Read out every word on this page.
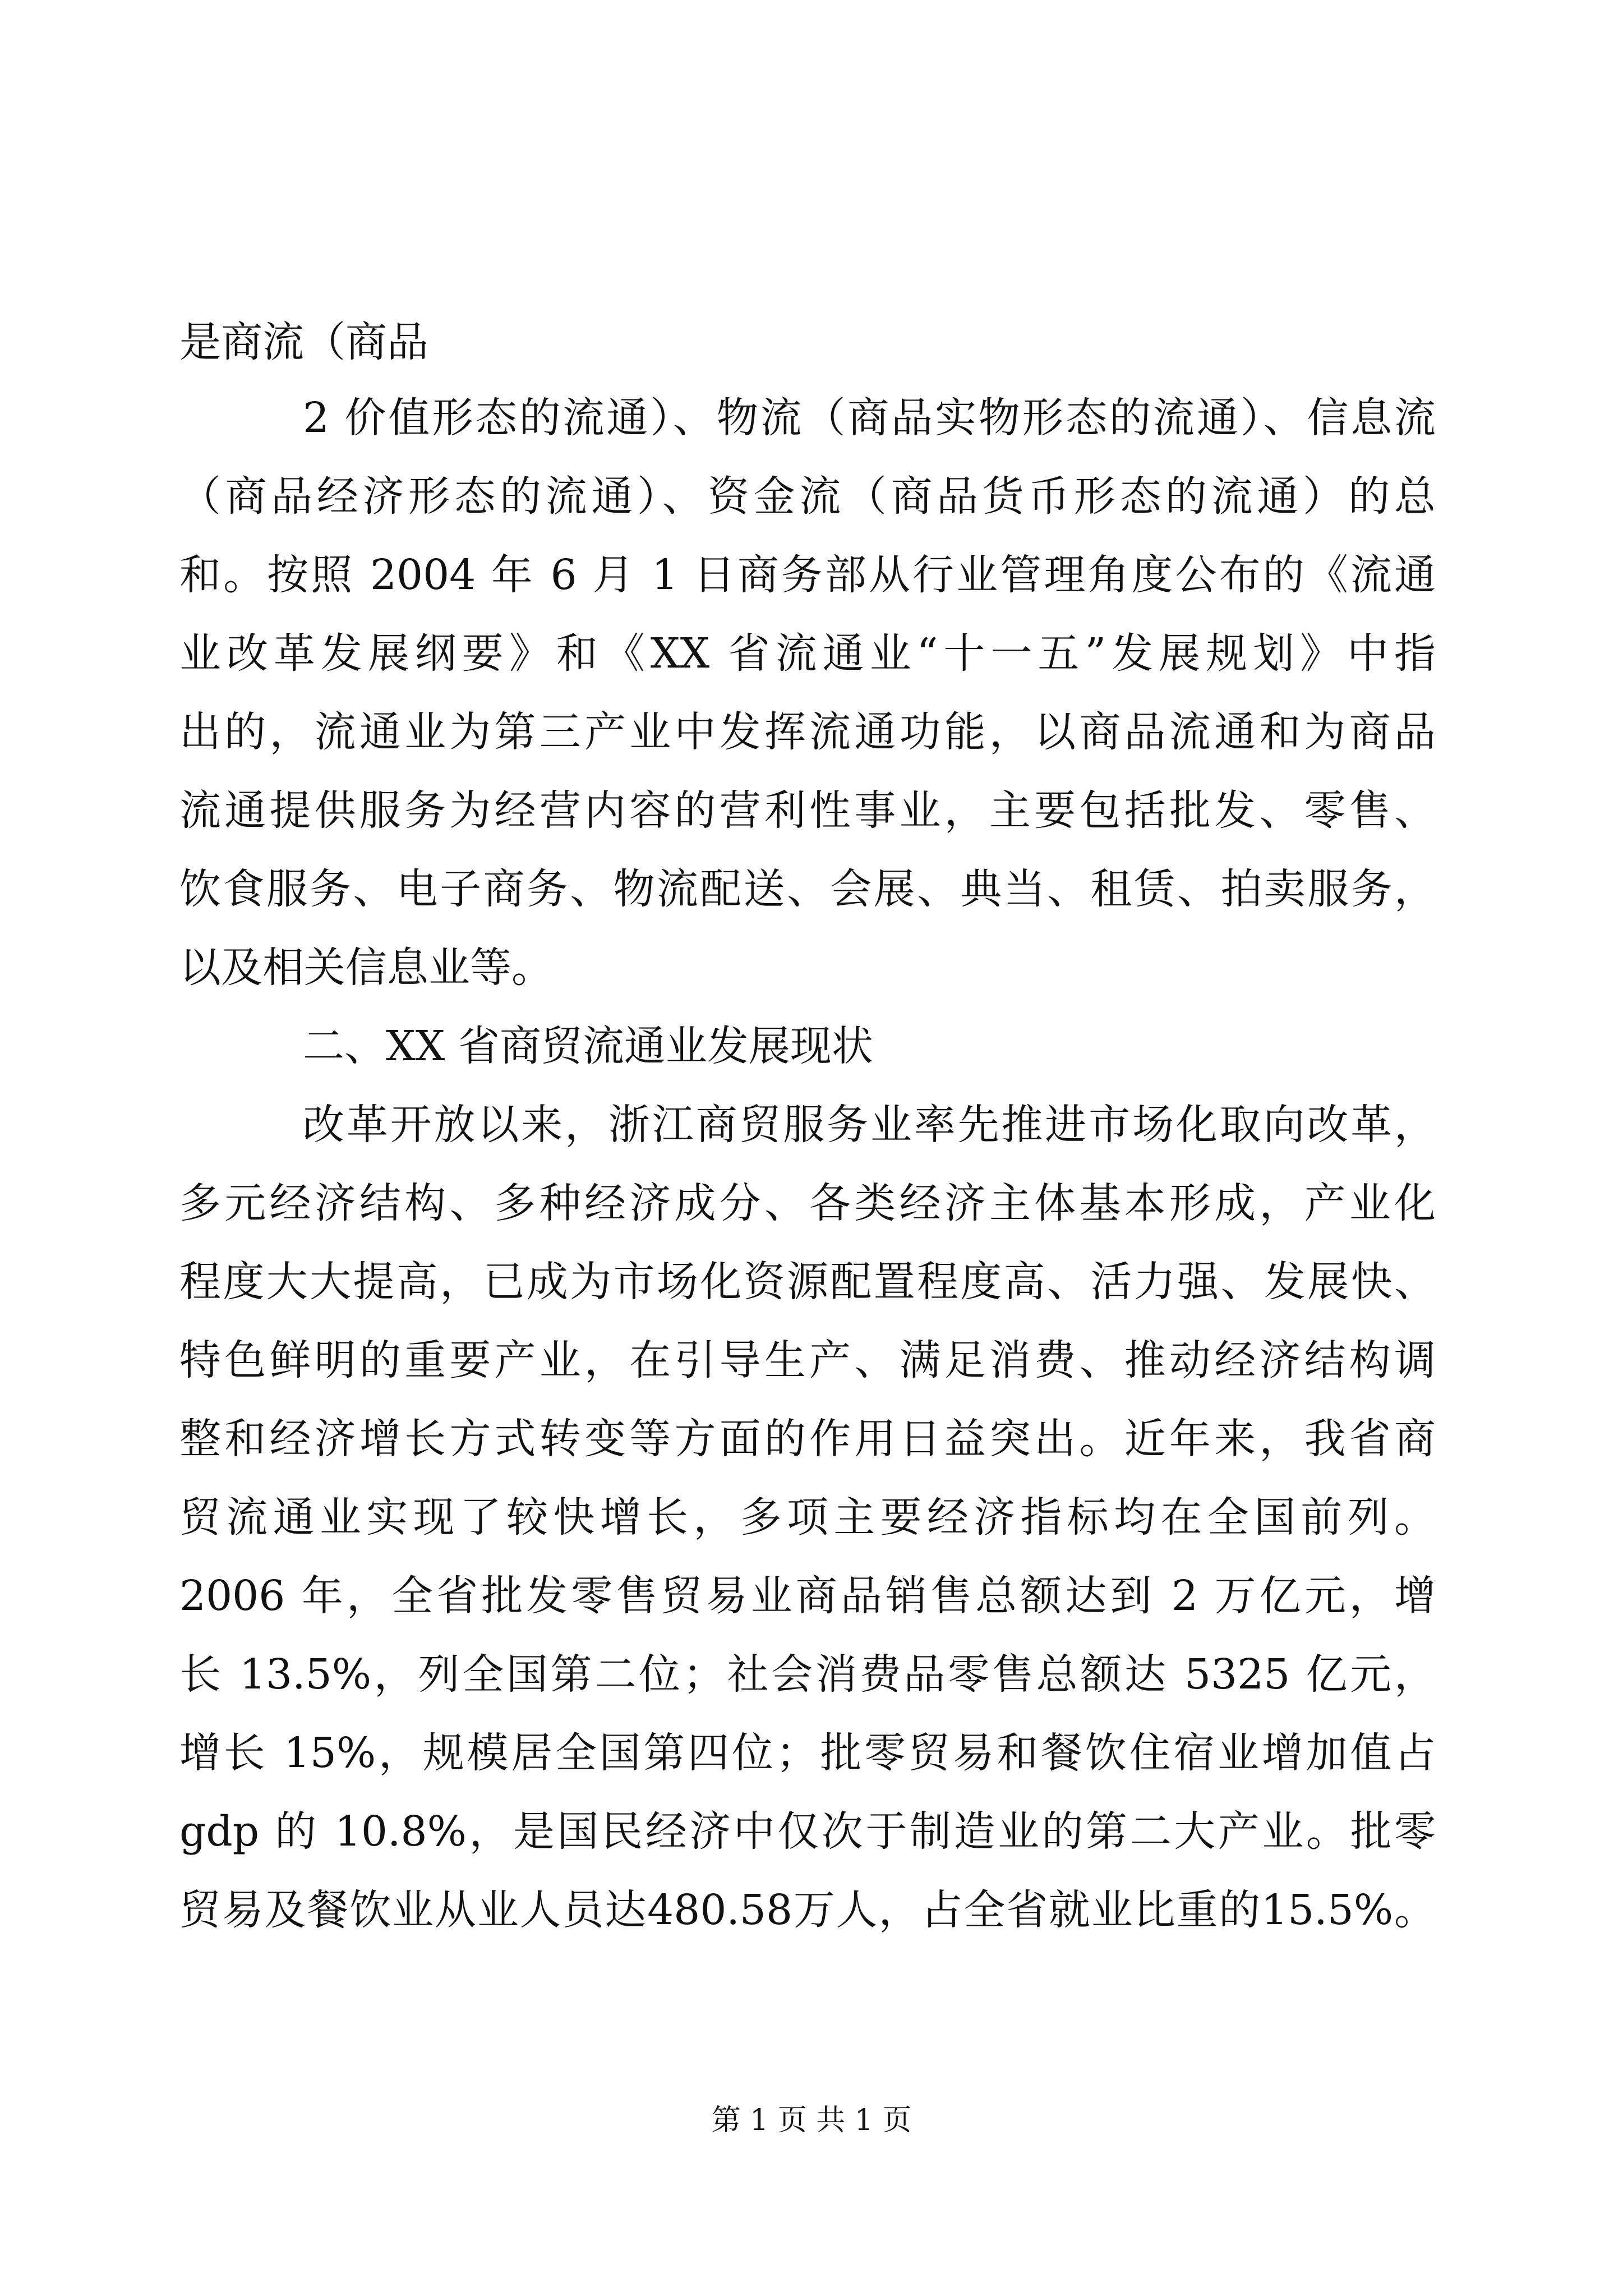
是商流（商品
2 价值形态的流通）、物流（商品实物形态的流通）、信息流
（商品经济形态的流通）、资金流（商品货币形态的流通）的总
和。按照 2004 年 6 月 1 日商务部从行业管理角度公布的《流通
业改革发展纲要》和《XX 省流通业“十一五”发展规划》中指
出的，流通业为第三产业中发挥流通功能，以商品流通和为商品
流通提供服务为经营内容的营利性事业，主要包括批发、零售、
饮食服务、电子商务、物流配送、会展、典当、租赁、拍卖服务，
以及相关信息业等。
二、XX 省商贸流通业发展现状
改革开放以来，浙江商贸服务业率先推进市场化取向改革，
多元经济结构、多种经济成分、各类经济主体基本形成，产业化
程度大大提高，已成为市场化资源配置程度高、活力强、发展快、
特色鲜明的重要产业，在引导生产、满足消费、推动经济结构调
整和经济增长方式转变等方面的作用日益突出。近年来，我省商
贸流通业实现了较快增长，多项主要经济指标均在全国前列。
2006 年，全省批发零售贸易业商品销售总额达到 2 万亿元，增
长 13.5%，列全国第二位；社会消费品零售总额达 5325 亿元，
增长 15%，规模居全国第四位；批零贸易和餐饮住宿业增加值占
gdp 的 10.8%，是国民经济中仅次于制造业的第二大产业。批零
贸易及餐饮业从业人员达480.58万人，占全省就业比重的15.5%。
第 1 页 共 1 页
